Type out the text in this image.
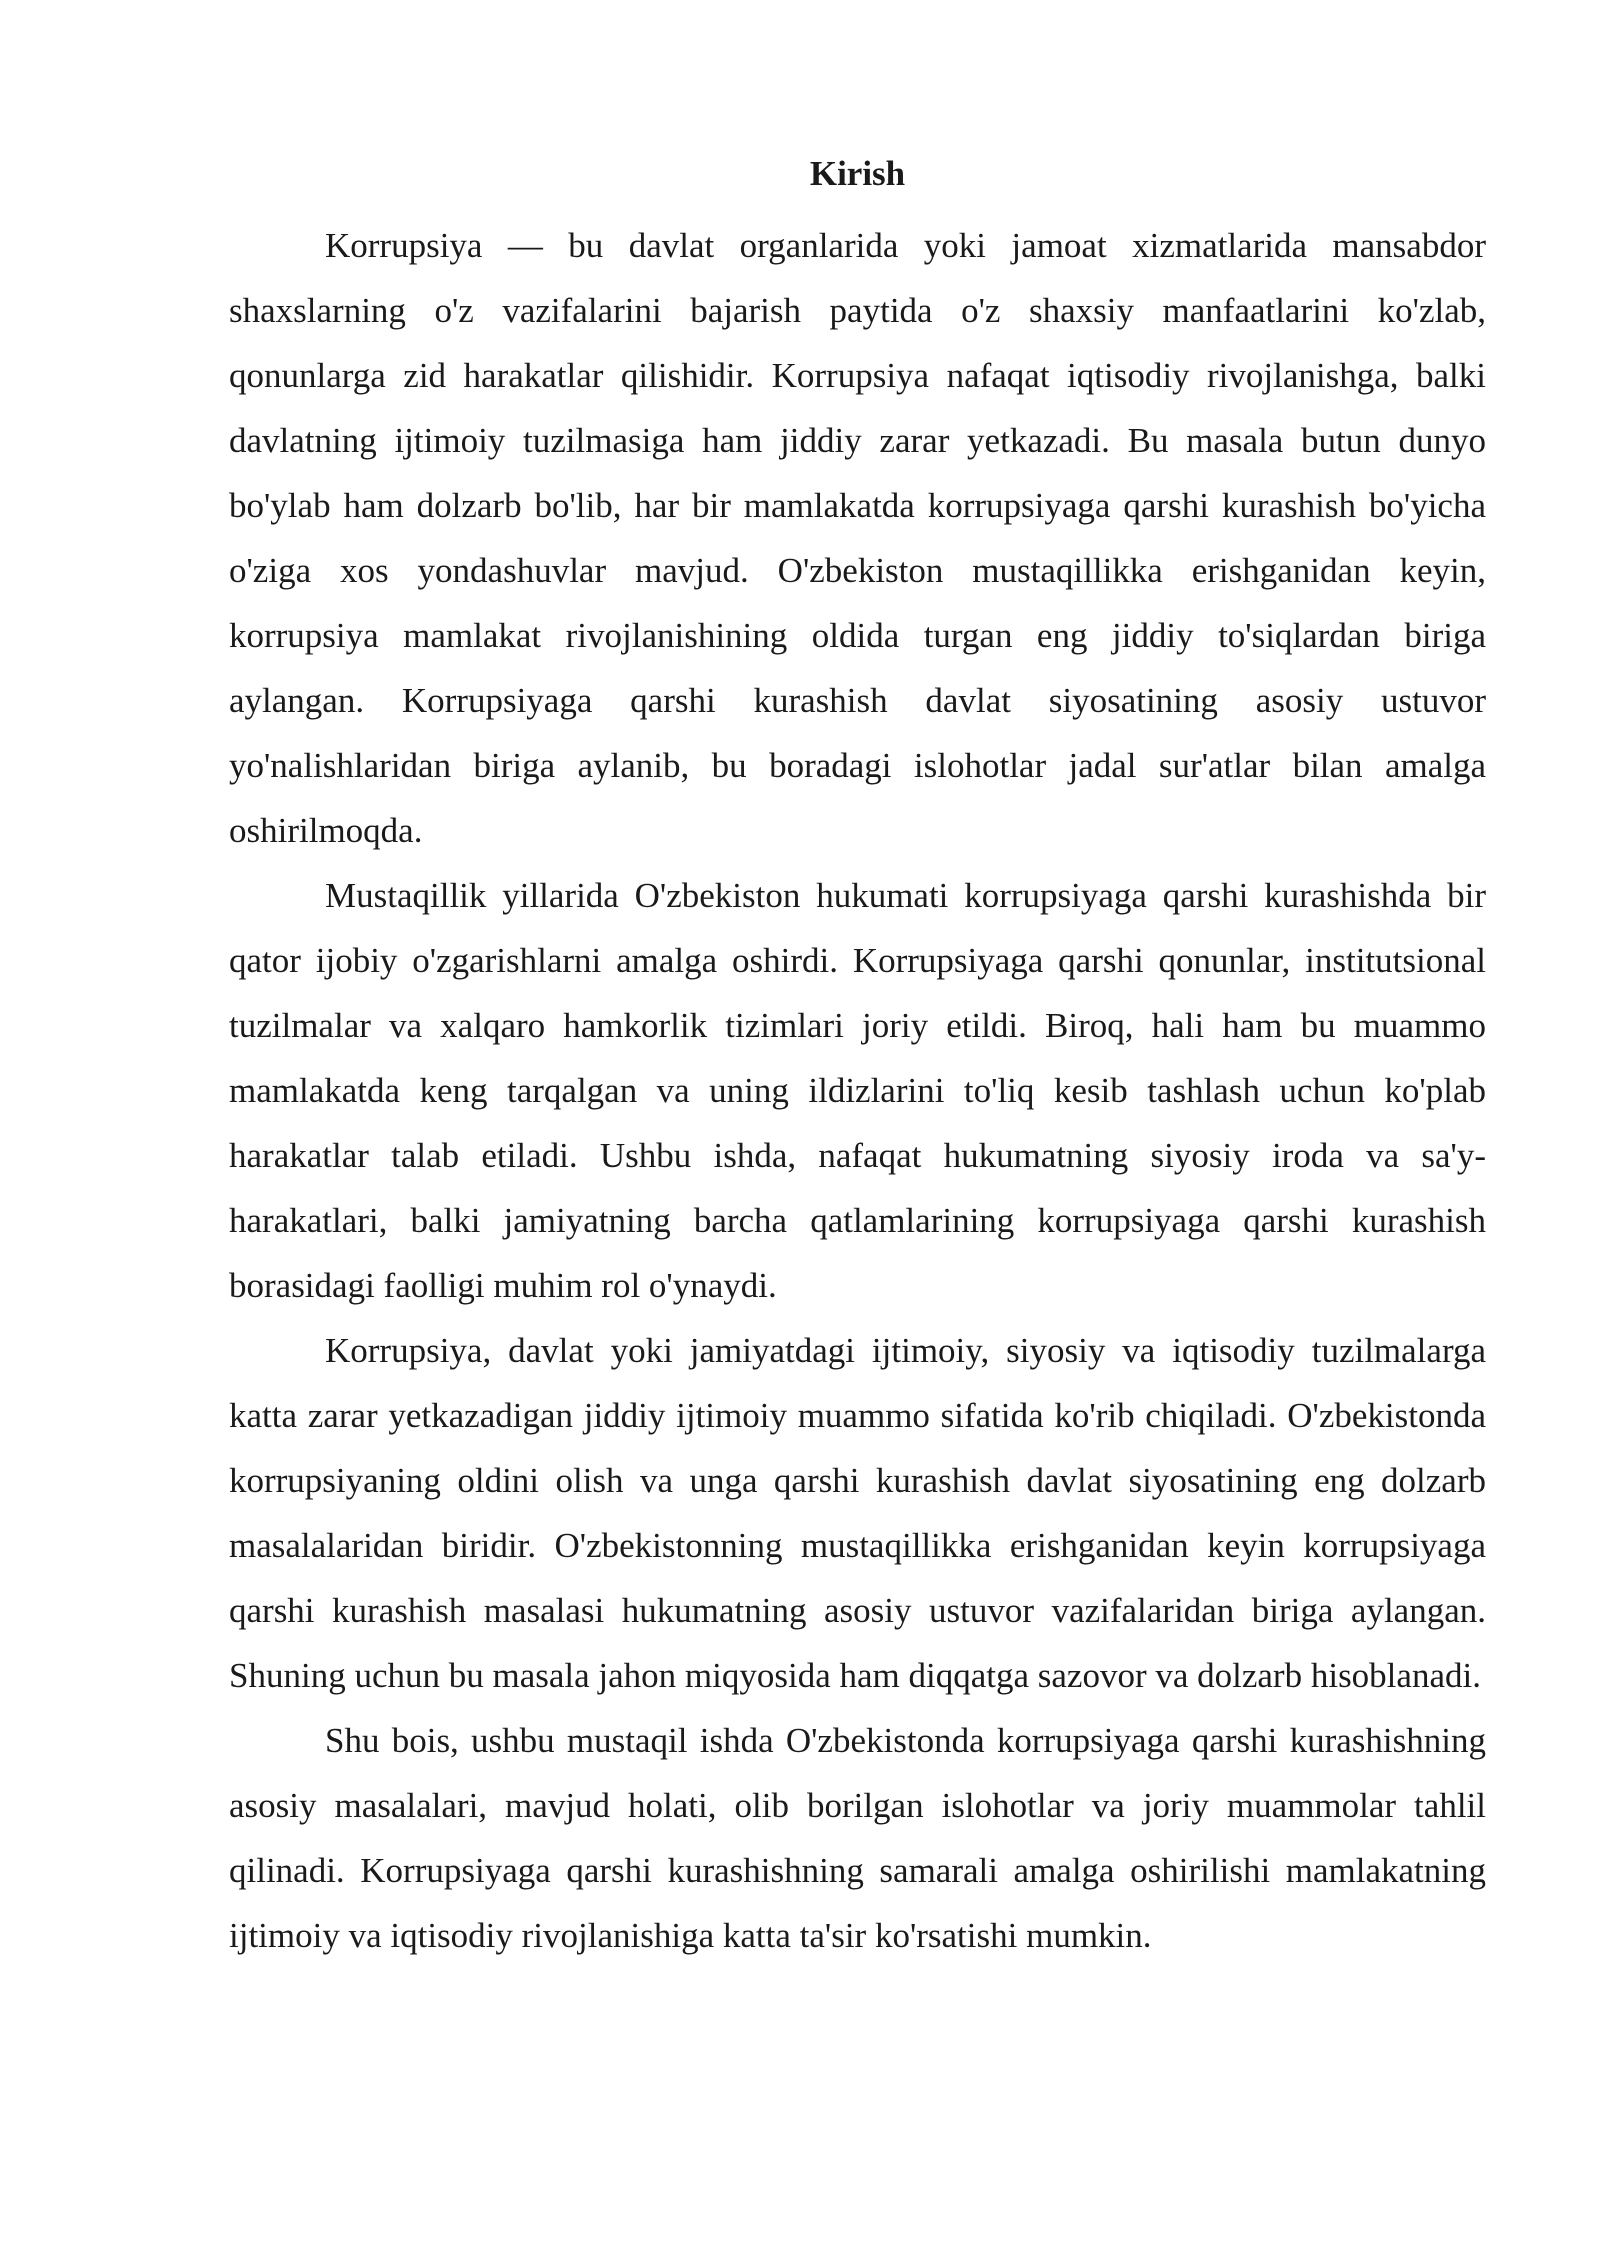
Kirish

Korrupsiya — bu davlat organlarida yoki jamoat xizmatlarida mansabdor shaxslarning o'z vazifalarini bajarish paytida o'z shaxsiy manfaatlarini ko'zlab, qonunlarga zid harakatlar qilishidir. Korrupsiya nafaqat iqtisodiy rivojlanishga, balki davlatning ijtimoiy tuzilmasiga ham jiddiy zarar yetkazadi. Bu masala butun dunyo bo'ylab ham dolzarb bo'lib, har bir mamlakatda korrupsiyaga qarshi kurashish bo'yicha o'ziga xos yondashuvlar mavjud. O'zbekiston mustaqillikka erishganidan keyin, korrupsiya mamlakat rivojlanishining oldida turgan eng jiddiy to'siqlardan biriga aylangan. Korrupsiyaga qarshi kurashish davlat siyosatining asosiy ustuvor yo'nalishlaridan biriga aylanib, bu boradagi islohotlar jadal sur'atlar bilan amalga oshirilmoqda.

Mustaqillik yillarida O'zbekiston hukumati korrupsiyaga qarshi kurashishda bir qator ijobiy o'zgarishlarni amalga oshirdi. Korrupsiyaga qarshi qonunlar, institutsional tuzilmalar va xalqaro hamkorlik tizimlari joriy etildi. Biroq, hali ham bu muammo mamlakatda keng tarqalgan va uning ildizlarini to'liq kesib tashlash uchun ko'plab harakatlar talab etiladi. Ushbu ishda, nafaqat hukumatning siyosiy iroda va sa'y-harakatlari, balki jamiyatning barcha qatlamlarining korrupsiyaga qarshi kurashish borasidagi faolligi muhim rol o'ynaydi.

Korrupsiya, davlat yoki jamiyatdagi ijtimoiy, siyosiy va iqtisodiy tuzilmalarga katta zarar yetkazadigan jiddiy ijtimoiy muammo sifatida ko'rib chiqiladi. O'zbekistonda korrupsiyaning oldini olish va unga qarshi kurashish davlat siyosatining eng dolzarb masalalaridan biridir. O'zbekistonning mustaqillikka erishganidan keyin korrupsiyaga qarshi kurashish masalasi hukumatning asosiy ustuvor vazifalaridan biriga aylangan. Shuning uchun bu masala jahon miqyosida ham diqqatga sazovor va dolzarb hisoblanadi.

Shu bois, ushbu mustaqil ishda O'zbekistonda korrupsiyaga qarshi kurashishning asosiy masalalari, mavjud holati, olib borilgan islohotlar va joriy muammolar tahlil qilinadi. Korrupsiyaga qarshi kurashishning samarali amalga oshirilishi mamlakatning ijtimoiy va iqtisodiy rivojlanishiga katta ta'sir ko'rsatishi mumkin.
